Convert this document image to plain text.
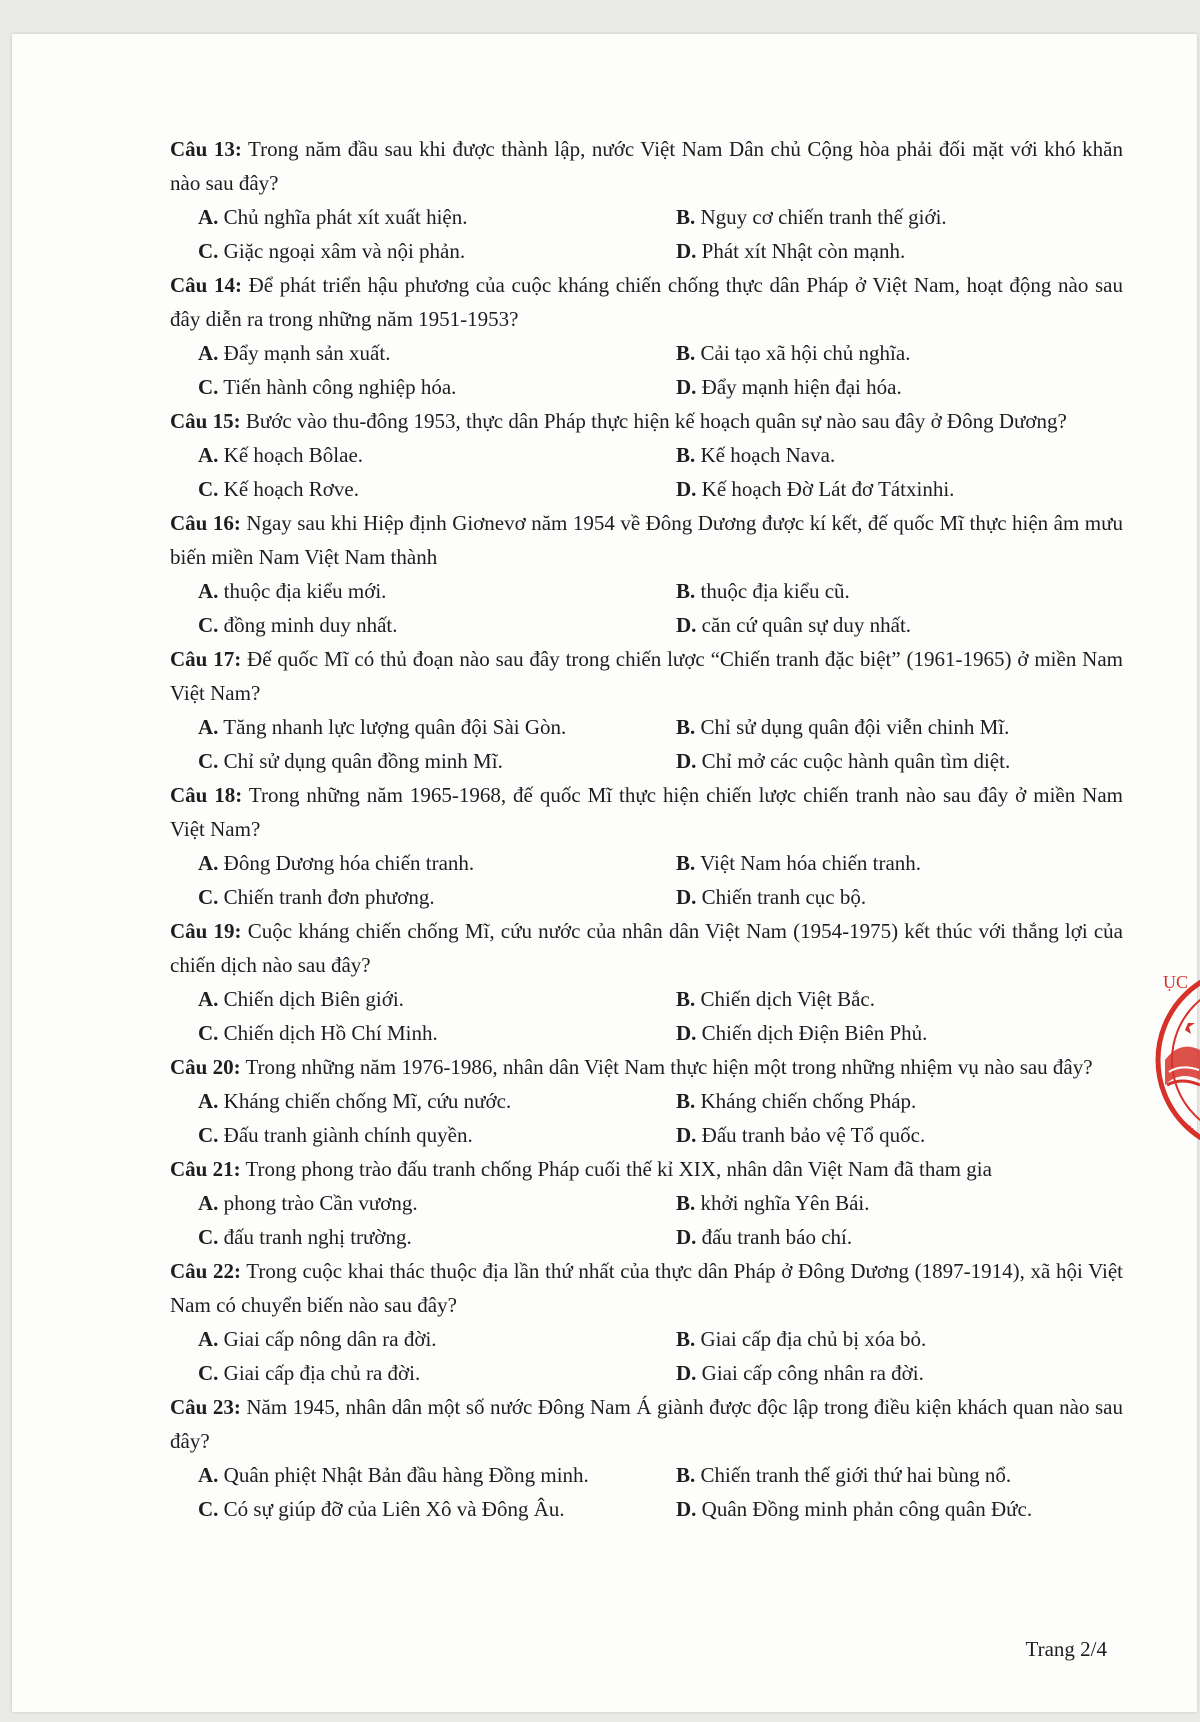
Câu 13: Trong năm đầu sau khi được thành lập, nước Việt Nam Dân chủ Cộng hòa phải đối mặt với khó khăn nào sau đây?

A. Chủ nghĩa phát xít xuất hiện.	B. Nguy cơ chiến tranh thế giới.
C. Giặc ngoại xâm và nội phản.	D. Phát xít Nhật còn mạnh.

Câu 14: Để phát triển hậu phương của cuộc kháng chiến chống thực dân Pháp ở Việt Nam, hoạt động nào sau đây diễn ra trong những năm 1951-1953?

A. Đẩy mạnh sản xuất.	B. Cải tạo xã hội chủ nghĩa.
C. Tiến hành công nghiệp hóa.	D. Đẩy mạnh hiện đại hóa.

Câu 15: Bước vào thu-đông 1953, thực dân Pháp thực hiện kế hoạch quân sự nào sau đây ở Đông Dương?

A. Kế hoạch Bôlae.	B. Kế hoạch Nava.
C. Kế hoạch Rơve.	D. Kế hoạch Đờ Lát đơ Tátxinhi.

Câu 16: Ngay sau khi Hiệp định Giơnevơ năm 1954 về Đông Dương được kí kết, đế quốc Mĩ thực hiện âm mưu biến miền Nam Việt Nam thành

A. thuộc địa kiểu mới.	B. thuộc địa kiểu cũ.
C. đồng minh duy nhất.	D. căn cứ quân sự duy nhất.

Câu 17: Đế quốc Mĩ có thủ đoạn nào sau đây trong chiến lược “Chiến tranh đặc biệt” (1961-1965) ở miền Nam Việt Nam?

A. Tăng nhanh lực lượng quân đội Sài Gòn.	B. Chỉ sử dụng quân đội viễn chinh Mĩ.
C. Chỉ sử dụng quân đồng minh Mĩ.	D. Chỉ mở các cuộc hành quân tìm diệt.

Câu 18: Trong những năm 1965-1968, đế quốc Mĩ thực hiện chiến lược chiến tranh nào sau đây ở miền Nam Việt Nam?

A. Đông Dương hóa chiến tranh.	B. Việt Nam hóa chiến tranh.
C. Chiến tranh đơn phương.	D. Chiến tranh cục bộ.

Câu 19: Cuộc kháng chiến chống Mĩ, cứu nước của nhân dân Việt Nam (1954-1975) kết thúc với thắng lợi của chiến dịch nào sau đây?

A. Chiến dịch Biên giới.	B. Chiến dịch Việt Bắc.
C. Chiến dịch Hồ Chí Minh.	D. Chiến dịch Điện Biên Phủ.

Câu 20: Trong những năm 1976-1986, nhân dân Việt Nam thực hiện một trong những nhiệm vụ nào sau đây?

A. Kháng chiến chống Mĩ, cứu nước.	B. Kháng chiến chống Pháp.
C. Đấu tranh giành chính quyền.	D. Đấu tranh bảo vệ Tổ quốc.

Câu 21: Trong phong trào đấu tranh chống Pháp cuối thế kỉ XIX, nhân dân Việt Nam đã tham gia

A. phong trào Cần vương.	B. khởi nghĩa Yên Bái.
C. đấu tranh nghị trường.	D. đấu tranh báo chí.

Câu 22: Trong cuộc khai thác thuộc địa lần thứ nhất của thực dân Pháp ở Đông Dương (1897-1914), xã hội Việt Nam có chuyển biến nào sau đây?

A. Giai cấp nông dân ra đời.	B. Giai cấp địa chủ bị xóa bỏ.
C. Giai cấp địa chủ ra đời.	D. Giai cấp công nhân ra đời.

Câu 23: Năm 1945, nhân dân một số nước Đông Nam Á giành được độc lập trong điều kiện khách quan nào sau đây?

A. Quân phiệt Nhật Bản đầu hàng Đồng minh.	B. Chiến tranh thế giới thứ hai bùng nổ.
C. Có sự giúp đỡ của Liên Xô và Đông Âu.	D. Quân Đồng minh phản công quân Đức.
Trang 2/4
ỤC
